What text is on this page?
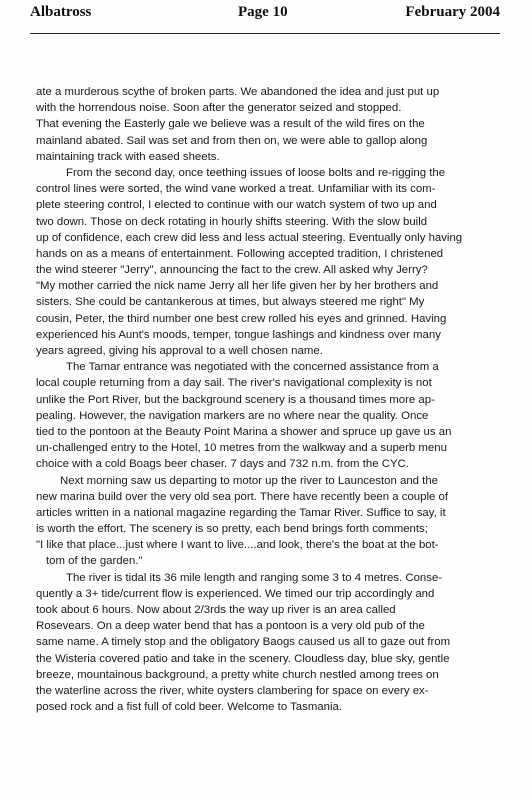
Albatross	Page 10	February 2004
ate a murderous scythe of broken parts. We abandoned the idea and just put up
with the horrendous noise. Soon after the generator seized and stopped.
That evening the Easterly gale we believe was a result of the wild fires on the
mainland abated. Sail was set and from then on, we were able to gallop along
maintaining track with eased sheets.
From the second day, once teething issues of loose bolts and re-rigging the
control lines were sorted, the wind vane worked a treat. Unfamiliar with its com-
plete steering control, I elected to continue with our watch system of two up and
two down. Those on deck rotating in hourly shifts steering. With the slow build
up of confidence, each crew did less and less actual steering. Eventually only having
hands on as a means of entertainment. Following accepted tradition, I christened
the wind steerer "Jerry", announcing the fact to the crew. All asked why Jerry?
"My mother carried the nick name Jerry all her life given her by her brothers and
sisters. She could be cantankerous at times, but always steered me right" My
cousin, Peter, the third number one best crew rolled his eyes and grinned. Having
experienced his Aunt's moods, temper, tongue lashings and kindness over many
years agreed, giving his approval to a well chosen name.
The Tamar entrance was negotiated with the concerned assistance from a
local couple returning from a day sail. The river's navigational complexity is not
unlike the Port River, but the background scenery is a thousand times more ap-
pealing. However, the navigation markers are no where near the quality. Once
tied to the pontoon at the Beauty Point Marina a shower and spruce up gave us an
un-challenged entry to the Hotel, 10 metres from the walkway and a superb menu
choice with a cold Boags beer chaser. 7 days and 732 n.m. from the CYC.
Next morning saw us departing to motor up the river to Launceston and the
new marina build over the very old sea port. There have recently been a couple of
articles written in a national magazine regarding the Tamar River. Suffice to say, it
is worth the effort. The scenery is so pretty, each bend brings forth comments;
"I like that place...just where I want to live....and look, there's the boat at the bot-
tom of the garden."
The river is tidal its 36 mile length and ranging some 3 to 4 metres. Conse-
quently a 3+ tide/current flow is experienced. We timed our trip accordingly and
took about 6 hours. Now about 2/3rds the way up river is an area called
Rosevears. On a deep water bend that has a pontoon is a very old pub of the
same name. A timely stop and the obligatory Baogs caused us all to gaze out from
the Wisteria covered patio and take in the scenery. Cloudless day, blue sky, gentle
breeze, mountainous background, a pretty white church nestled among trees on
the waterline across the river, white oysters clambering for space on every ex-
posed rock and a fist full of cold beer. Welcome to Tasmania.
